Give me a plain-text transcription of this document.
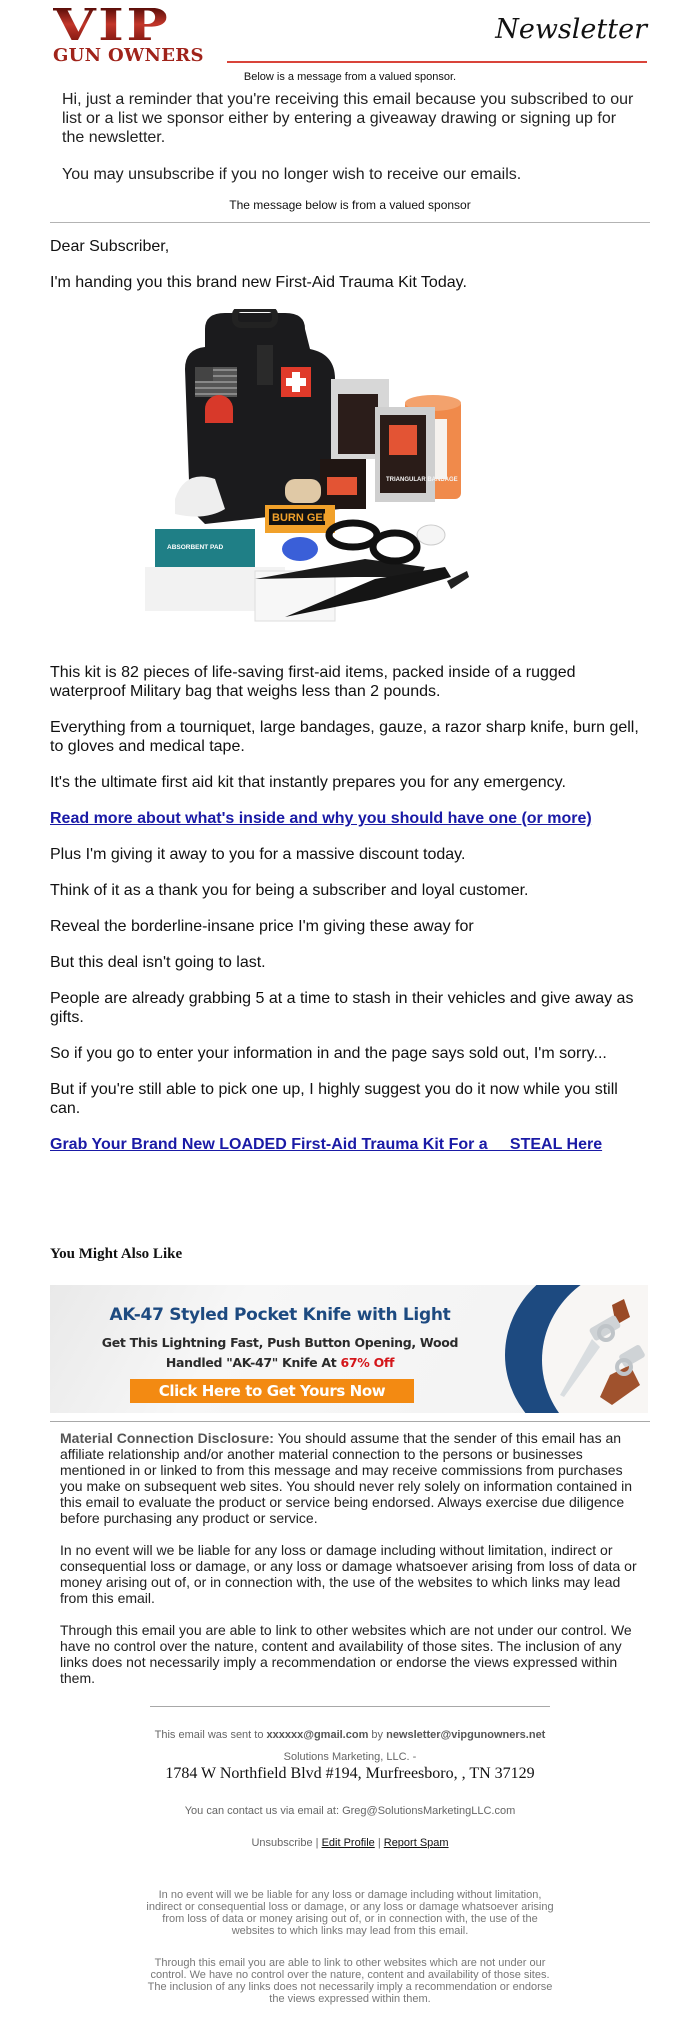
VIP
GUN OWNERS
Newsletter
Below is a message from a valued sponsor.

Hi, just a reminder that you're receiving this email because you subscribed to our list or a list we sponsor either by entering a giveaway drawing or signing up for the newsletter.

You may unsubscribe if you no longer wish to receive our emails.

The message below is from a valued sponsor

Dear Subscriber,

I'm handing you this brand new First-Aid Trauma Kit Today.

TRIANGULAR BANDAGE
BURN GEL
ABSORBENT PAD

This kit is 82 pieces of life-saving first-aid items, packed inside of a rugged waterproof Military bag that weighs less than 2 pounds.

Everything from a tourniquet, large bandages, gauze, a razor sharp knife, burn gell, to gloves and medical tape.

It's the ultimate first aid kit that instantly prepares you for any emergency.

Read more about what's inside and why you should have one (or more)

Plus I'm giving it away to you for a massive discount today.

Think of it as a thank you for being a subscriber and loyal customer.

Reveal the borderline-insane price I'm giving these away for

But this deal isn't going to last.

People are already grabbing 5 at a time to stash in their vehicles and give away as gifts.

So if you go to enter your information in and the page says sold out, I'm sorry...

But if you're still able to pick one up, I highly suggest you do it now while you still can.

Grab Your Brand New LOADED First-Aid Trauma Kit For a     STEAL Here

You Might Also Like
AK-47 Styled Pocket Knife with Light
Get This Lightning Fast, Push Button Opening, Wood
Handled "AK-47" Knife At 67% Off
Click Here to Get Yours Now

Material Connection Disclosure: You should assume that the sender of this email has an affiliate relationship and/or another material connection to the persons or businesses mentioned in or linked to from this message and may receive commissions from purchases you make on subsequent web sites. You should never rely solely on information contained in this email to evaluate the product or service being endorsed. Always exercise due diligence before purchasing any product or service.

In no event will we be liable for any loss or damage including without limitation, indirect or consequential loss or damage, or any loss or damage whatsoever arising from loss of data or money arising out of, or in connection with, the use of the websites to which links may lead from this email.

Through this email you are able to link to other websites which are not under our control. We have no control over the nature, content and availability of those sites. The inclusion of any links does not necessarily imply a recommendation or endorse the views expressed within them.

This email was sent to xxxxxx@gmail.com by newsletter@vipgunowners.net
Solutions Marketing, LLC. -
1784 W Northfield Blvd #194, Murfreesboro, , TN 37129
You can contact us via email at: Greg@SolutionsMarketingLLC.com
Unsubscribe | Edit Profile | Report Spam
In no event will we be liable for any loss or damage including without limitation, indirect or consequential loss or damage, or any loss or damage whatsoever arising from loss of data or money arising out of, or in connection with, the use of the websites to which links may lead from this email.
Through this email you are able to link to other websites which are not under our control. We have no control over the nature, content and availability of those sites. The inclusion of any links does not necessarily imply a recommendation or endorse the views expressed within them.
